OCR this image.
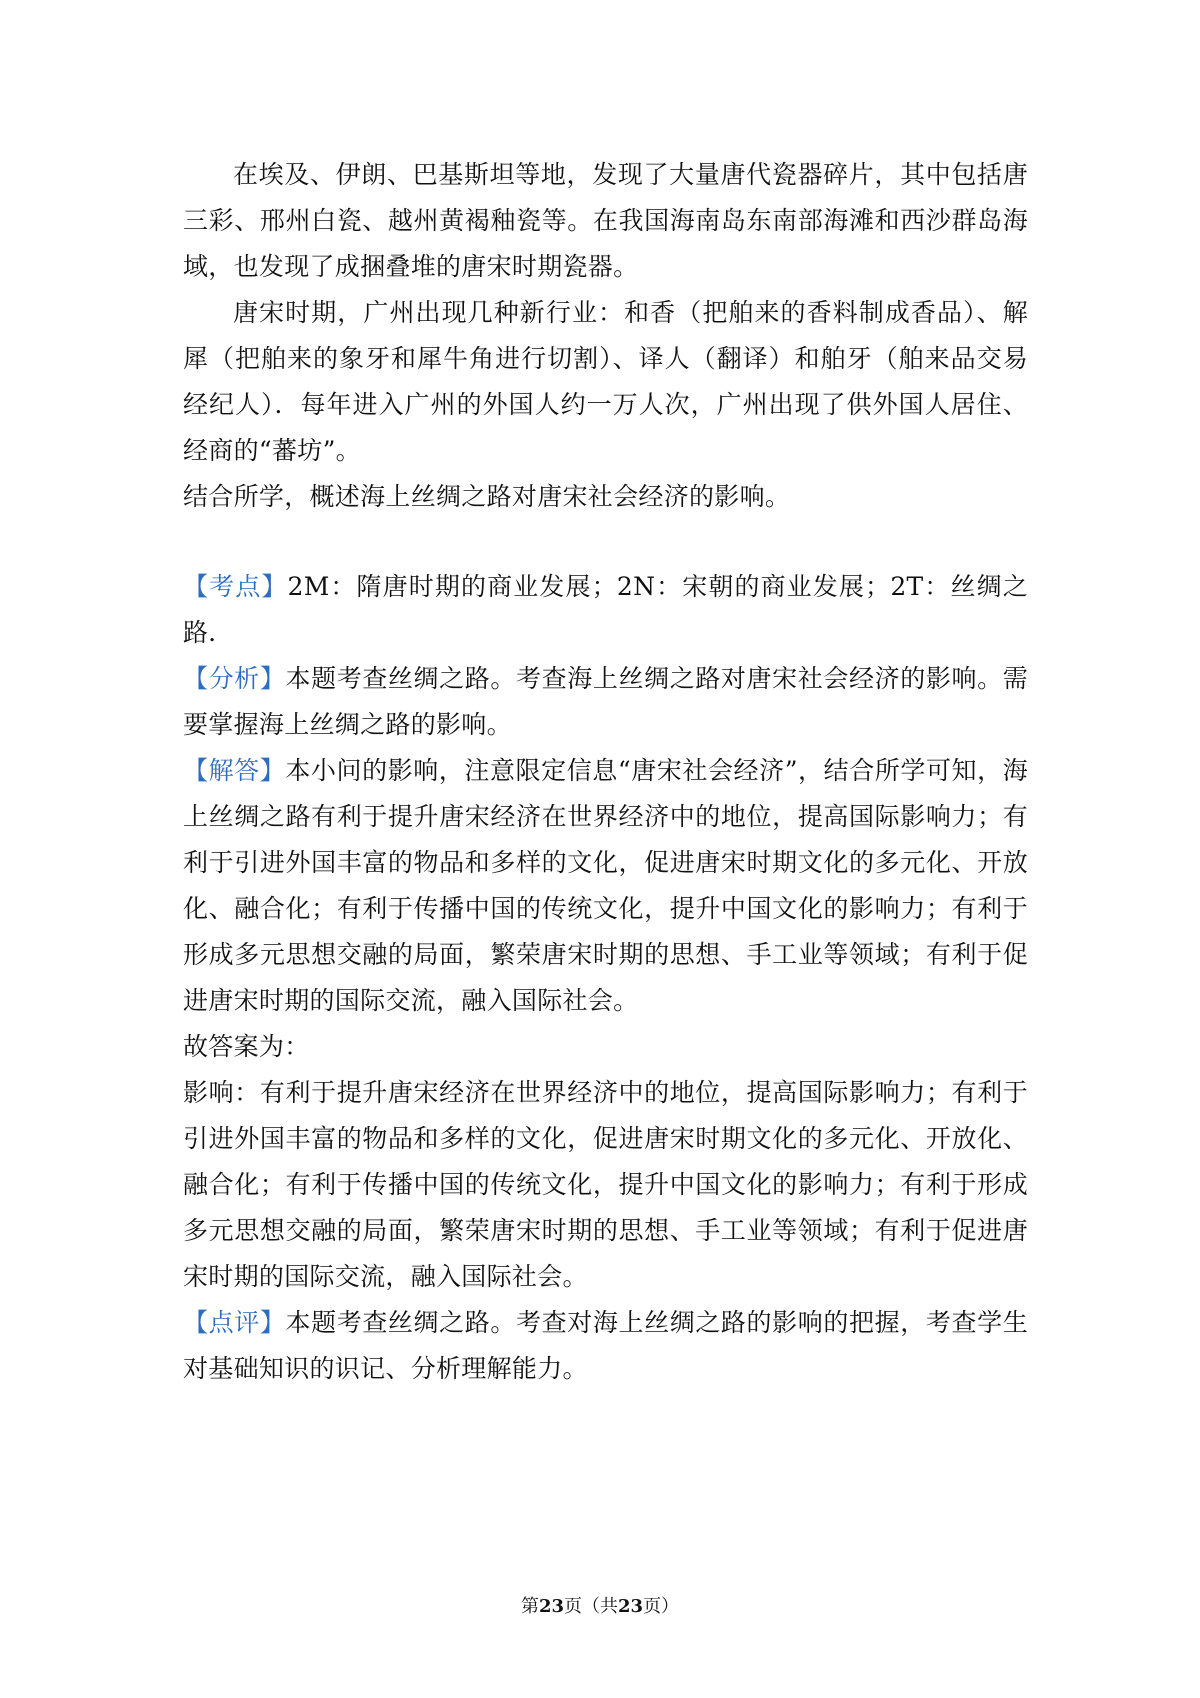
在埃及、伊朗、巴基斯坦等地，发现了大量唐代瓷器碎片，其中包括唐三彩、邢州白瓷、越州黄褐釉瓷等。在我国海南岛东南部海滩和西沙群岛海域，也发现了成捆叠堆的唐宋时期瓷器。

唐宋时期，广州出现几种新行业：和香（把舶来的香料制成香品）、解犀（把舶来的象牙和犀牛角进行切割）、译人（翻译）和舶牙（舶来品交易经纪人）．每年进入广州的外国人约一万人次，广州出现了供外国人居住、经商的“蕃坊”。

结合所学，概述海上丝绸之路对唐宋社会经济的影响。

【考点】2M：隋唐时期的商业发展；2N：宋朝的商业发展；2T：丝绸之路．

【分析】本题考查丝绸之路。考查海上丝绸之路对唐宋社会经济的影响。需要掌握海上丝绸之路的影响。

【解答】本小问的影响，注意限定信息“唐宋社会经济”，结合所学可知，海上丝绸之路有利于提升唐宋经济在世界经济中的地位，提高国际影响力；有利于引进外国丰富的物品和多样的文化，促进唐宋时期文化的多元化、开放化、融合化；有利于传播中国的传统文化，提升中国文化的影响力；有利于形成多元思想交融的局面，繁荣唐宋时期的思想、手工业等领域；有利于促进唐宋时期的国际交流，融入国际社会。

故答案为：

影响：有利于提升唐宋经济在世界经济中的地位，提高国际影响力；有利于引进外国丰富的物品和多样的文化，促进唐宋时期文化的多元化、开放化、融合化；有利于传播中国的传统文化，提升中国文化的影响力；有利于形成多元思想交融的局面，繁荣唐宋时期的思想、手工业等领域；有利于促进唐宋时期的国际交流，融入国际社会。

【点评】本题考查丝绸之路。考查对海上丝绸之路的影响的把握，考查学生对基础知识的识记、分析理解能力。

第23页（共23页）
